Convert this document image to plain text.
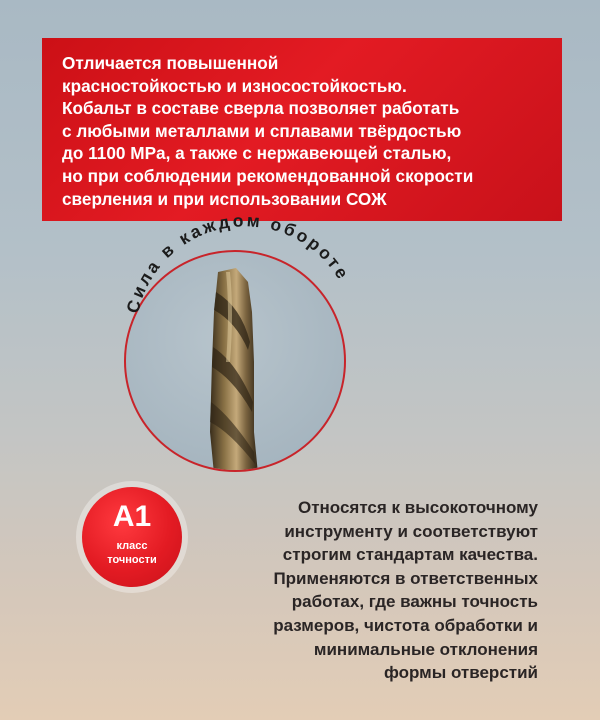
Отличается повышенной
красностойкостью и износостойкостью.
Кобальт в составе сверла позволяет работать
с любыми металлами и сплавами твёрдостью
до 1100 MPa, а также с нержавеющей сталью,
но при соблюдении рекомендованной скорости
сверления и при использовании СОЖ
Сила в каждом обороте
A1
класс
точности
Относятся к высокоточному
инструменту и соответствуют
строгим стандартам качества.
Применяются в ответственных
работах, где важны точность
размеров, чистота обработки и
минимальные отклонения
формы отверстий
